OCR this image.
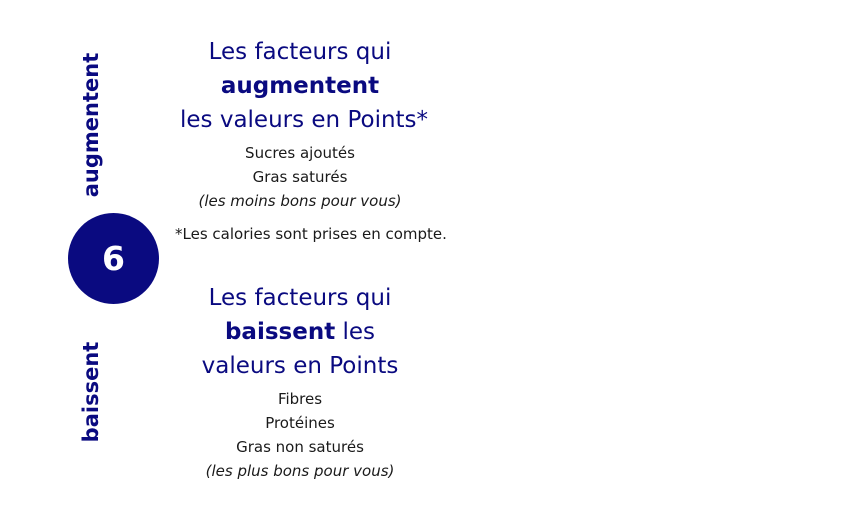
augmentent
baissent
6
Les facteurs qui
augmentent
les valeurs en Points*
Sucres ajoutés
Gras saturés
(les moins bons pour vous)
*Les calories sont prises en compte.
Les facteurs qui
baissent les
valeurs en Points
Fibres
Protéines
Gras non saturés
(les plus bons pour vous)
